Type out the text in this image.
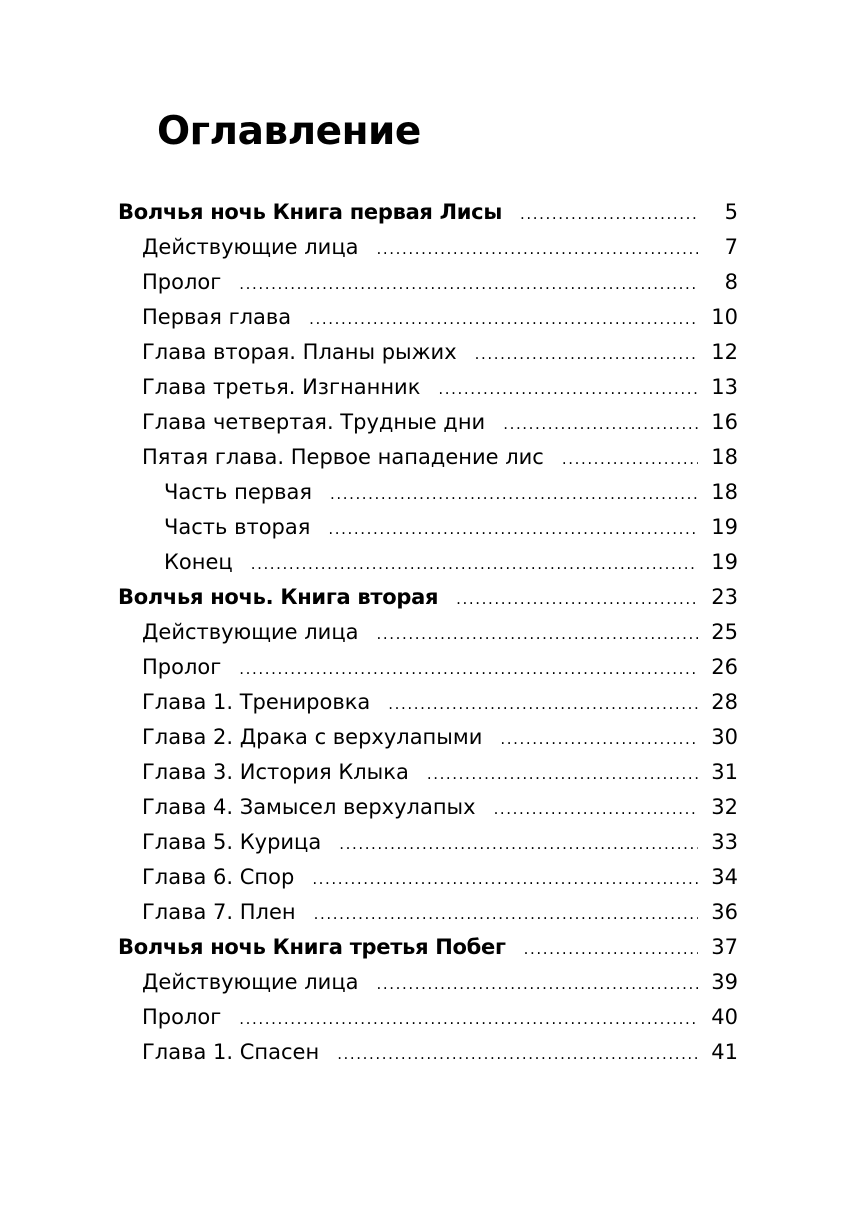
Оглавление
Волчья ночь Книга первая Лисы .....	5
Действующие лица .....	7
Пролог .....	8
Первая глава .....	10
Глава вторая. Планы рыжих .....	12
Глава третья. Изгнанник .....	13
Глава четвертая. Трудные дни .....	16
Пятая глава. Первое нападение лис .....	18
Часть первая .....	18
Часть вторая .....	19
Конец .....	19
Волчья ночь. Книга вторая .....	23
Действующие лица .....	25
Пролог .....	26
Глава 1. Тренировка .....	28
Глава 2. Драка с верхулапыми .....	30
Глава 3. История Клыка .....	31
Глава 4. Замысел верхулапых .....	32
Глава 5. Курица .....	33
Глава 6. Спор .....	34
Глава 7. Плен .....	36
Волчья ночь Книга третья Побег .....	37
Действующие лица .....	39
Пролог .....	40
Глава 1. Спасен .....	41
